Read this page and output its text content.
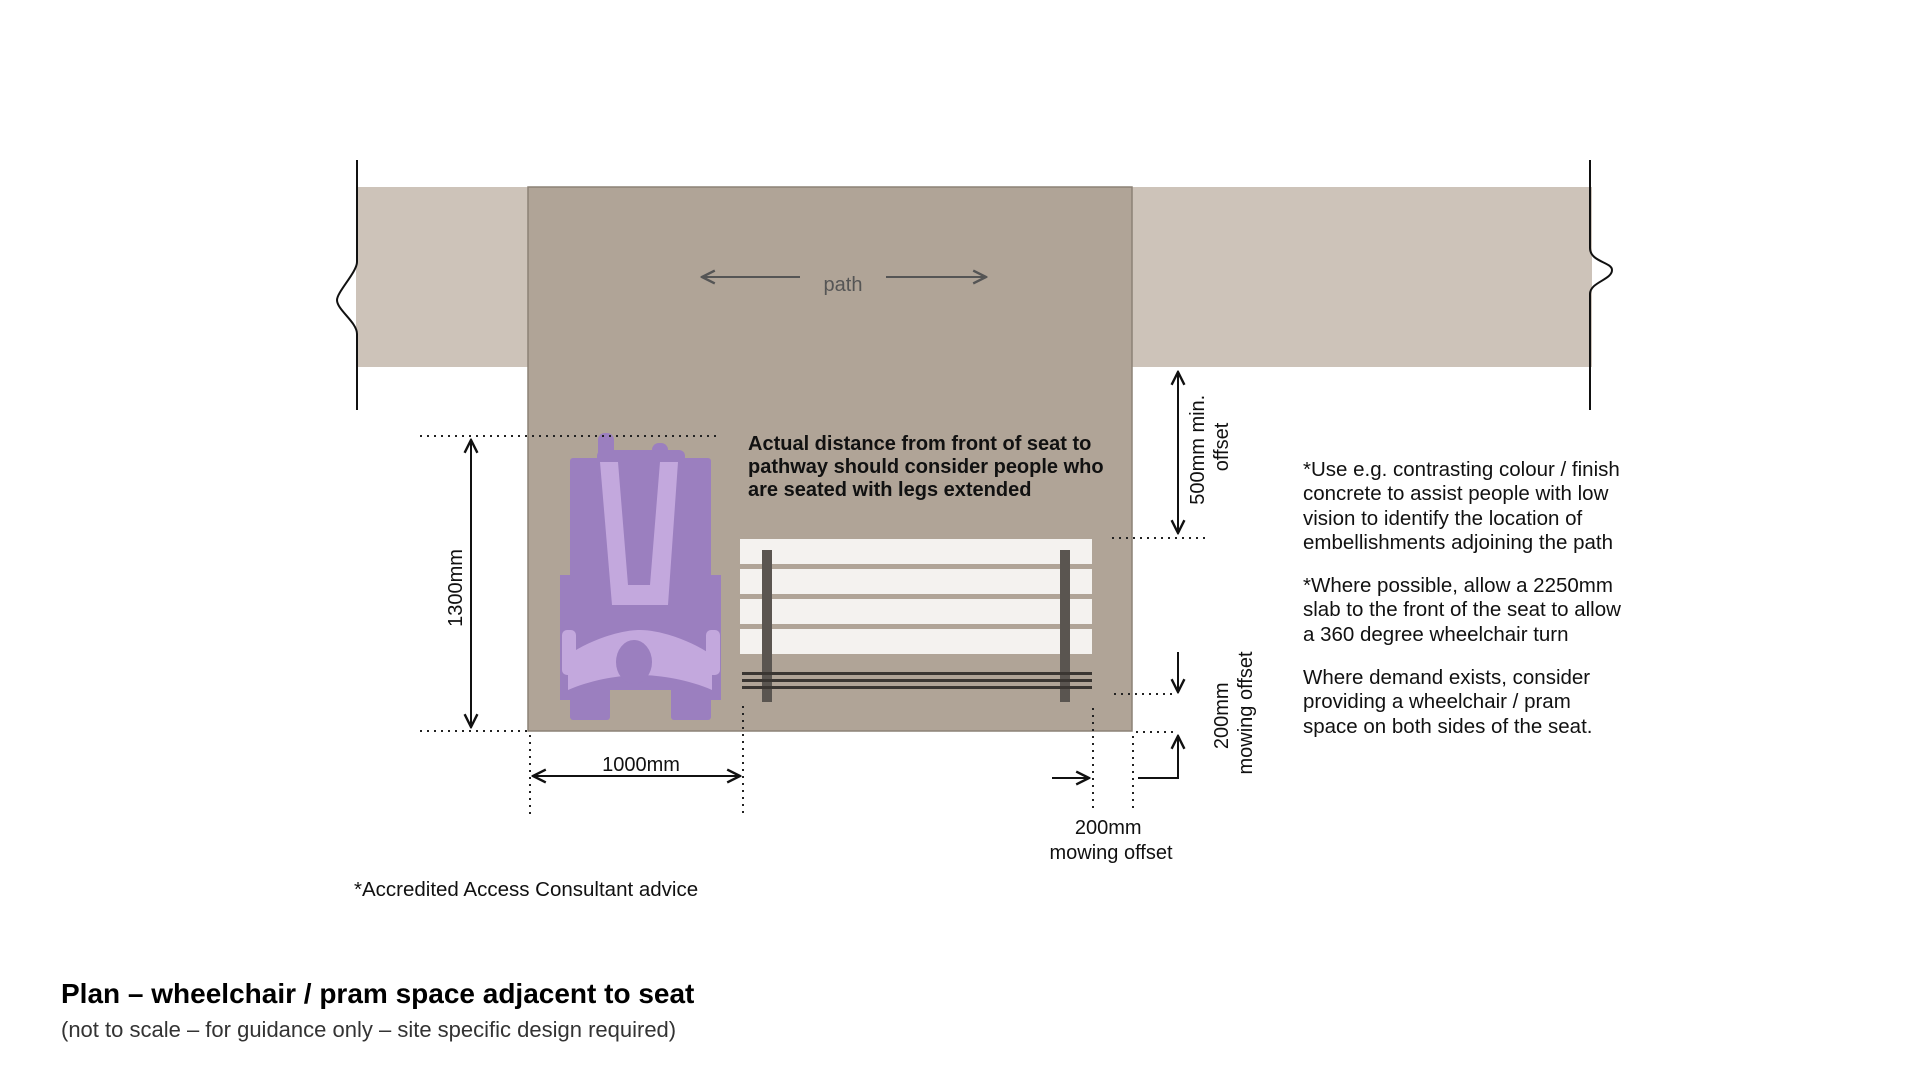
path
Actual distance from front of seat to pathway should consider people who are seated with legs extended
1300mm
1000mm
500mm min. offset
200mm mowing offset
200mm mowing offset
*Accredited Access Consultant advice
*Use e.g. contrasting colour / finish concrete to assist people with low vision to identify the location of embellishments adjoining the path
*Where possible, allow a 2250mm slab to the front of the seat to allow a 360 degree wheelchair turn
Where demand exists, consider providing a wheelchair / pram space on both sides of the seat.
Plan – wheelchair / pram space adjacent to seat

(not to scale – for guidance only – site specific design required)
